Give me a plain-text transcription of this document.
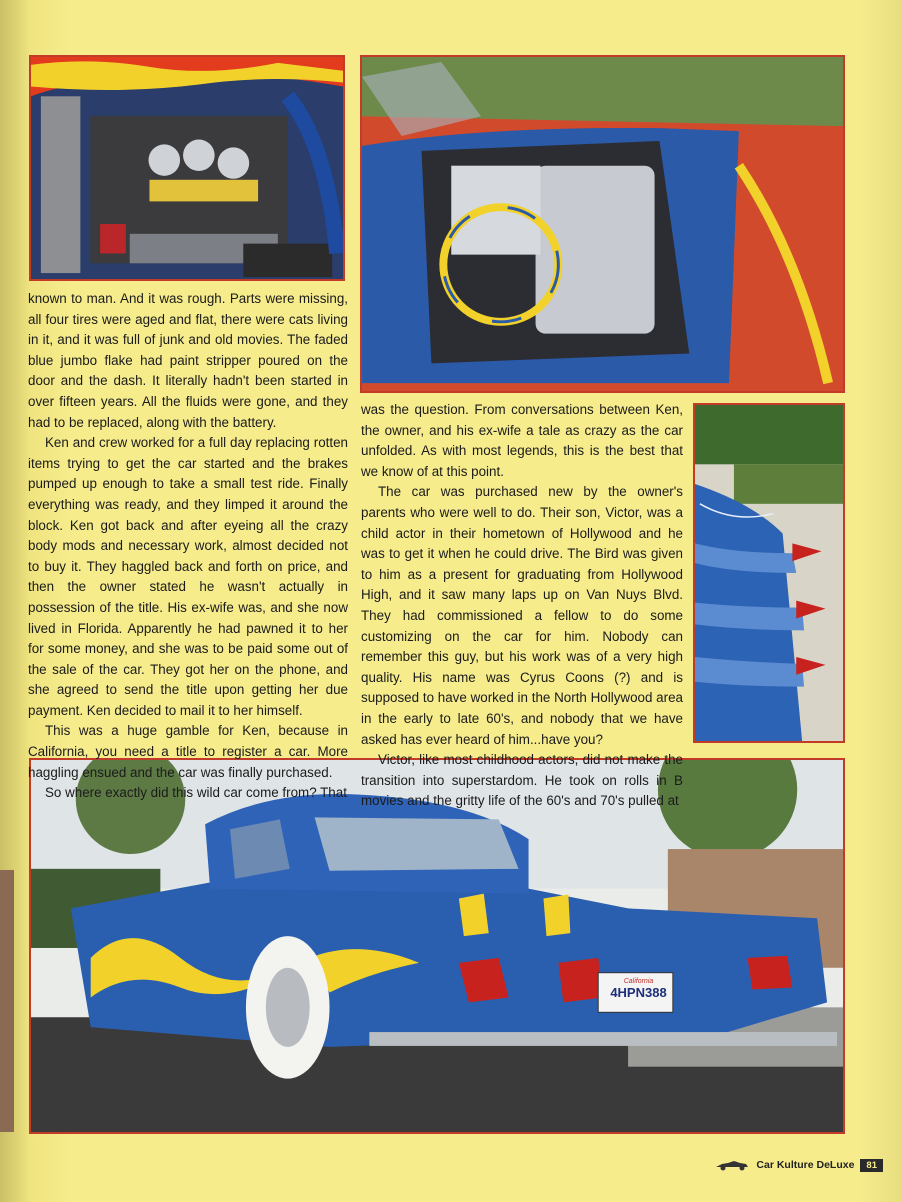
California
4HPN388

known to man. And it was rough. Parts were missing, all four tires were aged and flat, there were cats living in it, and it was full of junk and old movies. The faded blue jumbo flake had paint stripper poured on the door and the dash. It literally hadn't been started in over fifteen years. All the fluids were gone, and they had to be replaced, along with the battery.

Ken and crew worked for a full day replacing rotten items trying to get the car started and the brakes pumped up enough to take a small test ride. Finally everything was ready, and they limped it around the block. Ken got back and after eyeing all the crazy body mods and necessary work, almost decided not to buy it. They haggled back and forth on price, and then the owner stated he wasn't actually in possession of the title. His ex-wife was, and she now lived in Florida. Apparently he had pawned it to her for some money, and she was to be paid some out of the sale of the car. They got her on the phone, and she agreed to send the title upon getting her due payment. Ken decided to mail it to her himself.

This was a huge gamble for Ken, because in California, you need a title to register a car. More haggling ensued and the car was finally purchased.

So where exactly did this wild car come from? That

was the question. From conversations between Ken, the owner, and his ex-wife a tale as crazy as the car unfolded. As with most legends, this is the best that we know of at this point.

The car was purchased new by the owner's parents who were well to do. Their son, Victor, was a child actor in their hometown of Hollywood and he was to get it when he could drive. The Bird was given to him as a present for graduating from Hollywood High, and it saw many laps up on Van Nuys Blvd. They had commissioned a fellow to do some customizing on the car for him. Nobody can remember this guy, but his work was of a very high quality. His name was Cyrus Coons (?) and is supposed to have worked in the North Hollywood area in the early to late 60's, and nobody that we have asked has ever heard of him...have you?

Victor, like most childhood actors, did not make the transition into superstardom. He took on rolls in B movies and the gritty life of the 60's and 70's pulled at

Car Kulture DeLuxe	81
